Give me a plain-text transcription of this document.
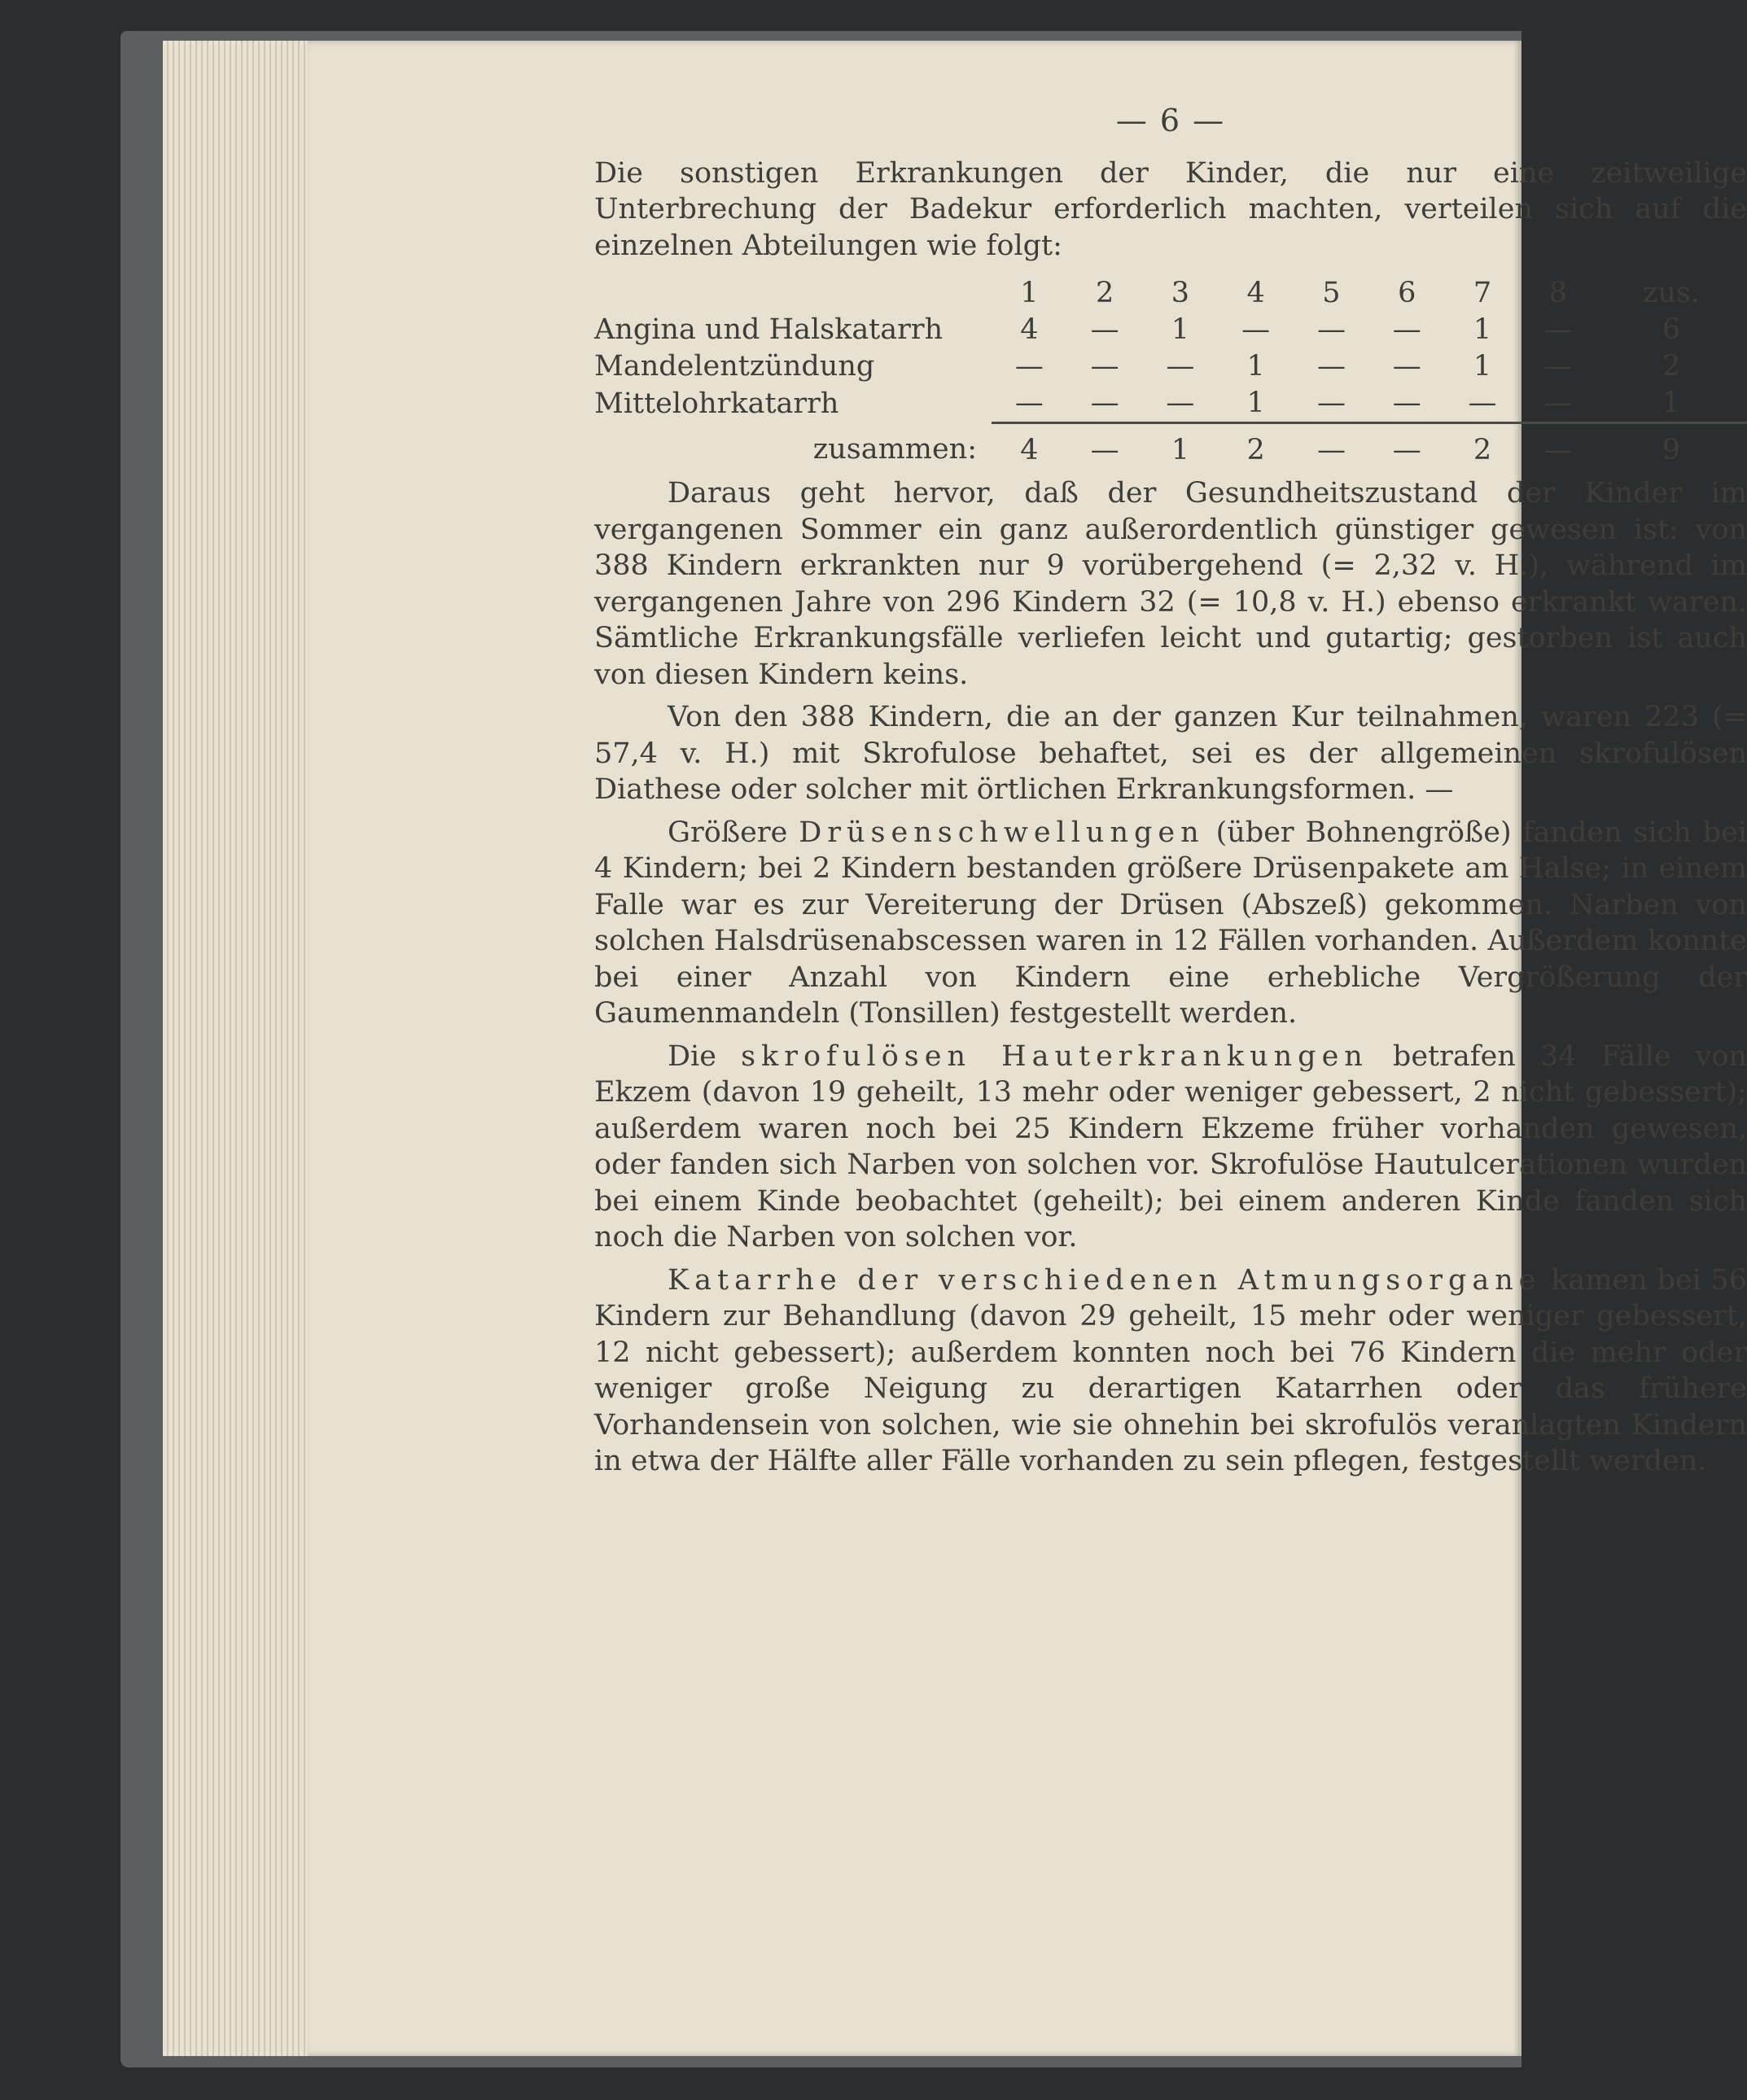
— 6 —

Die sonstigen Erkrankungen der Kinder, die nur eine zeitweilige Unterbrechung der Badekur erforderlich machten, verteilen sich auf die einzelnen Abteilungen wie folgt:

	1	2	3	4	5	6	7	8	zus.
Angina und Halskatarrh	4	—	1	—	—	—	1	—	6
Mandelentzündung	—	—	—	1	—	—	1	—	2
Mittelohrkatarrh	—	—	—	1	—	—	—	—	1
zusammen:	4	—	1	2	—	—	2	—	9

Daraus geht hervor, daß der Gesundheitszustand der Kinder im vergangenen Sommer ein ganz außerordentlich günstiger gewesen ist: von 388 Kindern erkrankten nur 9 vorübergehend (= 2,32 v. H.), während im vergangenen Jahre von 296 Kindern 32 (= 10,8 v. H.) ebenso erkrankt waren. Sämtliche Erkrankungsfälle verliefen leicht und gutartig; gestorben ist auch von diesen Kindern keins.

Von den 388 Kindern, die an der ganzen Kur teilnahmen, waren 223 (= 57,4 v. H.) mit Skrofulose behaftet, sei es der allgemeinen skrofulösen Diathese oder solcher mit örtlichen Erkrankungsformen. —

Größere Drüsenschwellungen (über Bohnengröße) fanden sich bei 4 Kindern; bei 2 Kindern bestanden größere Drüsenpakete am Halse; in einem Falle war es zur Vereiterung der Drüsen (Abszeß) gekommen. Narben von solchen Halsdrüsenabscessen waren in 12 Fällen vorhanden. Außerdem konnte bei einer Anzahl von Kindern eine erhebliche Vergrößerung der Gaumenmandeln (Tonsillen) festgestellt werden.

Die skrofulösen Hauterkrankungen betrafen 34 Fälle von Ekzem (davon 19 geheilt, 13 mehr oder weniger gebessert, 2 nicht gebessert); außerdem waren noch bei 25 Kindern Ekzeme früher vorhanden gewesen, oder fanden sich Narben von solchen vor. Skrofulöse Hautulcerationen wurden bei einem Kinde beobachtet (geheilt); bei einem anderen Kinde fanden sich noch die Narben von solchen vor.

Katarrhe der verschiedenen Atmungsorgane kamen bei 56 Kindern zur Behandlung (davon 29 geheilt, 15 mehr oder weniger gebessert, 12 nicht gebessert); außerdem konnten noch bei 76 Kindern die mehr oder weniger große Neigung zu derartigen Katarrhen oder das frühere Vorhandensein von solchen, wie sie ohnehin bei skrofulös veranlagten Kindern in etwa der Hälfte aller Fälle vorhanden zu sein pflegen, festgestellt werden.
